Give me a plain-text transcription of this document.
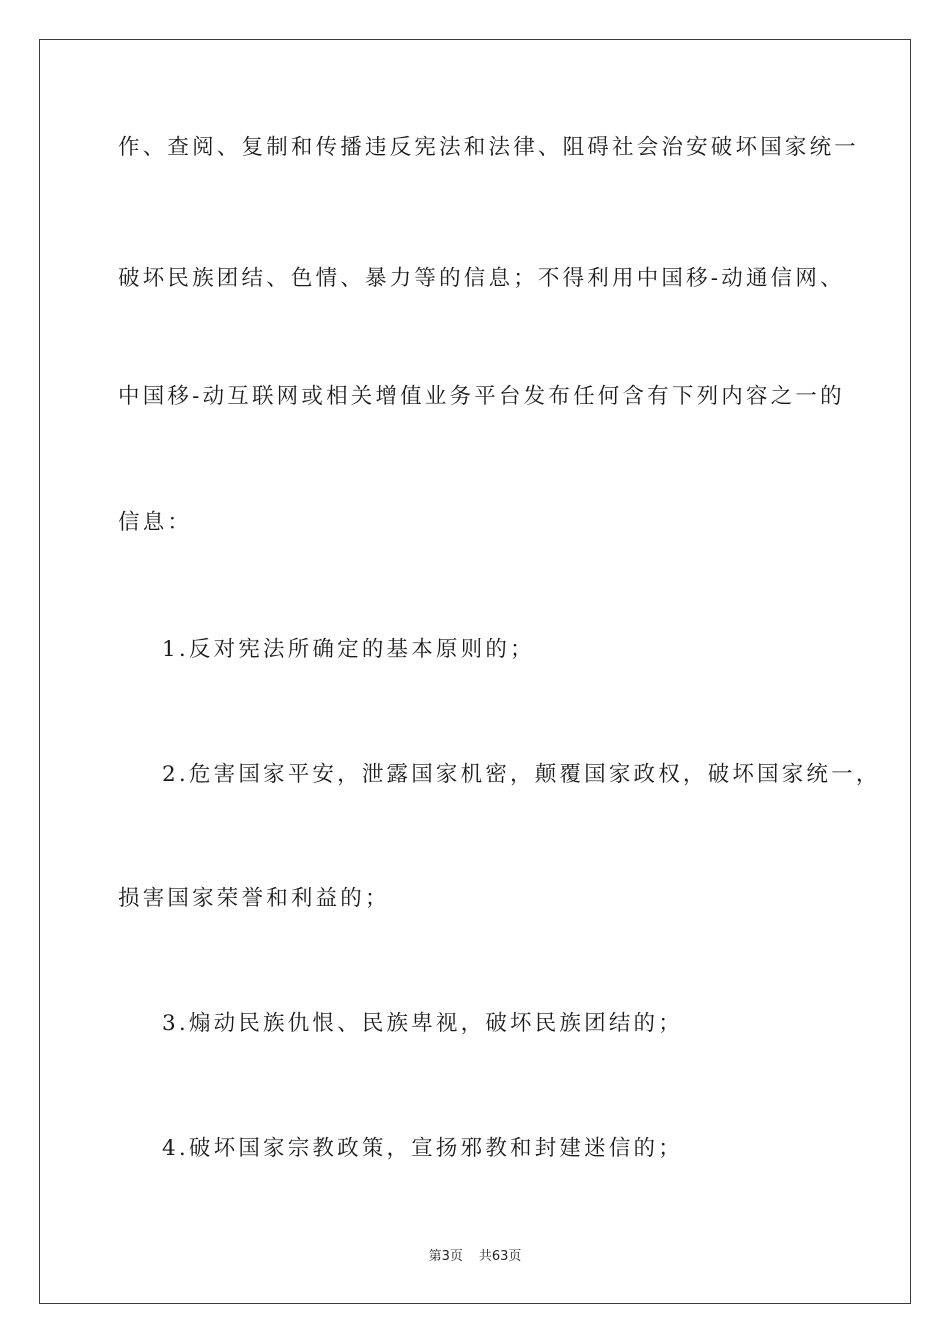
作、查阅、复制和传播违反宪法和法律、阻碍社会治安破坏国家统一
破坏民族团结、色情、暴力等的信息；不得利用中国移-动通信网、
中国移-动互联网或相关增值业务平台发布任何含有下列内容之一的
信息：
1.反对宪法所确定的基本原则的；
2.危害国家平安，泄露国家机密，颠覆国家政权，破坏国家统一，
损害国家荣誉和利益的；
3.煽动民族仇恨、民族卑视，破坏民族团结的；
4.破坏国家宗教政策，宣扬邪教和封建迷信的；
第3页 共63页
